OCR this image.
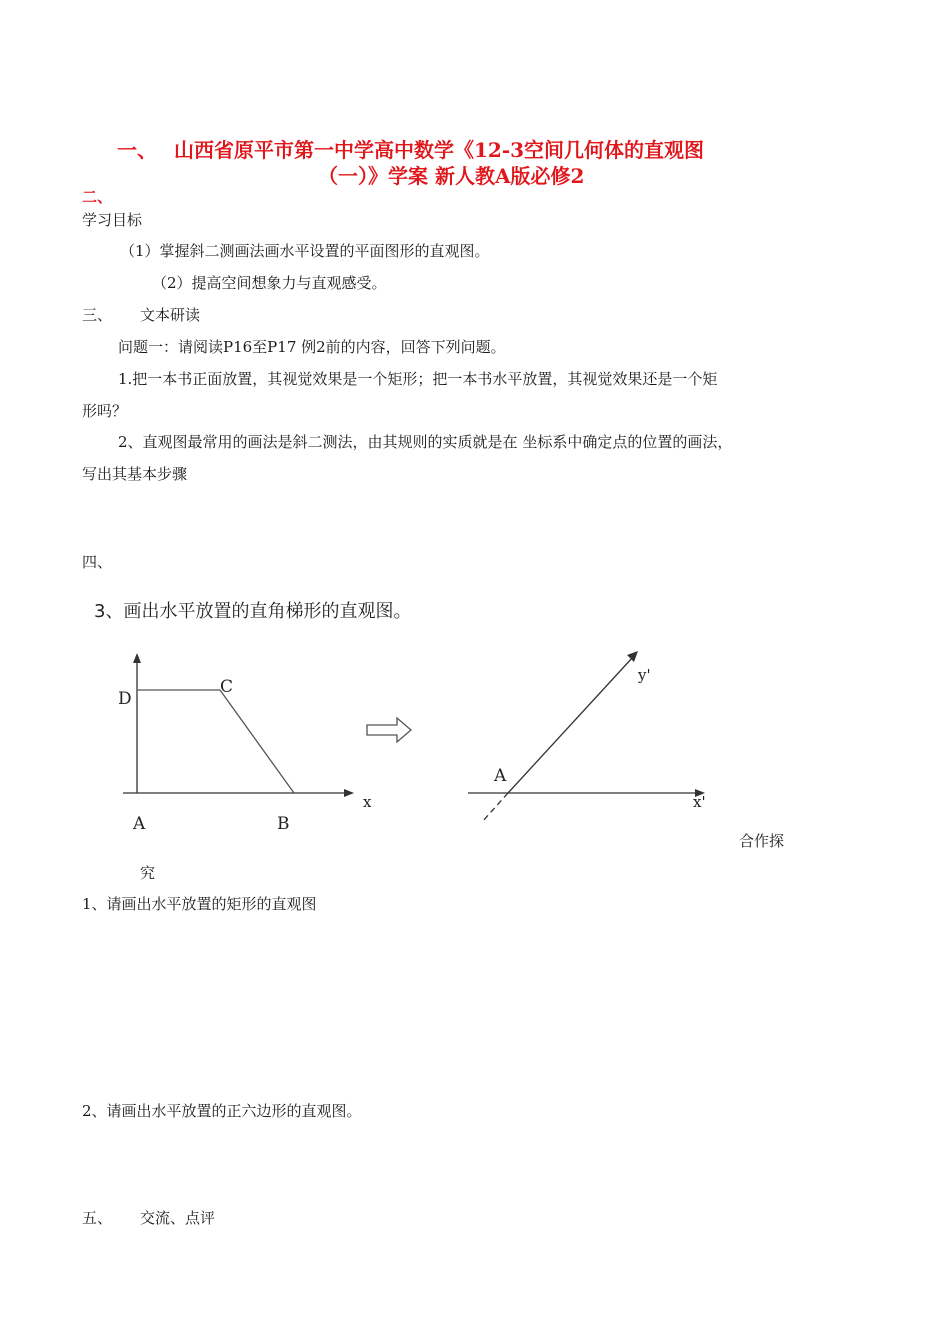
一、 山西省原平市第一中学高中数学《12-3空间几何体的直观图
（一）》学案 新人教A版必修2
二、
学习目标
（1）掌握斜二测画法画水平设置的平面图形的直观图。
（2）提高空间想象力与直观感受。
三、 文本研读
问题一：请阅读P16至P17 例2前的内容，回答下列问题。
1.把一本书正面放置，其视觉效果是一个矩形；把一本书水平放置，其视觉效果还是一个矩
形吗？
2、直观图最常用的画法是斜二测法，由其规则的实质就是在 坐标系中确定点的位置的画法，
写出其基本步骤
四、
3、画出水平放置的直角梯形的直观图。
D
C
A	B
x
A
y'
x'
合作探
究
1、请画出水平放置的矩形的直观图
2、请画出水平放置的正六边形的直观图。
五、 交流、点评
